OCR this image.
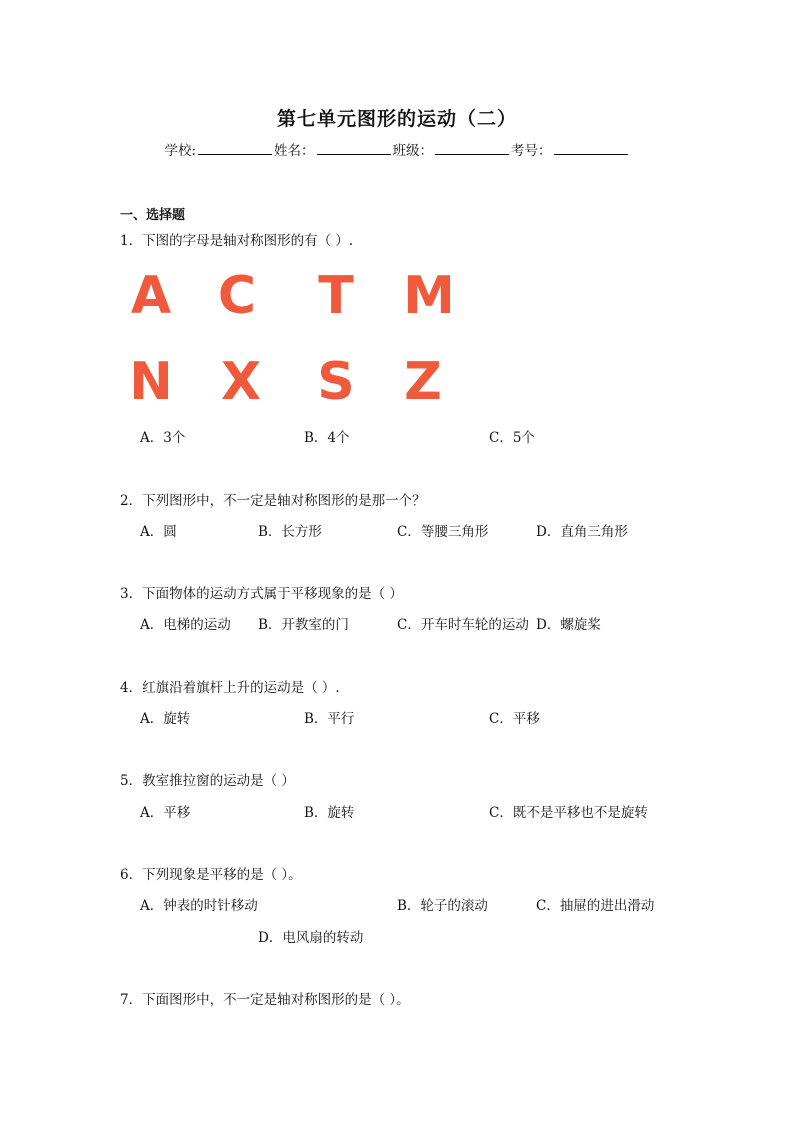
第七单元图形的运动（二）
学校:	姓名：	班级：	考号：
一、选择题
1．下图的字母是轴对称图形的有（ ）.
A C T M
N X S Z
A．3个	B．4个	C．5个
2．下列图形中，不一定是轴对称图形的是那一个？
A．圆	B．长方形	C．等腰三角形	D．直角三角形
3．下面物体的运动方式属于平移现象的是（ ）
A．电梯的运动 B．开教室的门	C．开车时车轮的运动 D．螺旋桨
4．红旗沿着旗杆上升的运动是（ ）.
A．旋转	B．平行	C．平移
5．教室推拉窗的运动是（ ）
A．平移	B．旋转	C．既不是平移也不是旋转
6．下列现象是平移的是（ ）。
A．钟表的时针移动	B．轮子的滚动	C．抽屉的进出滑动
D．电风扇的转动
7．下面图形中，不一定是轴对称图形的是（ ）。
